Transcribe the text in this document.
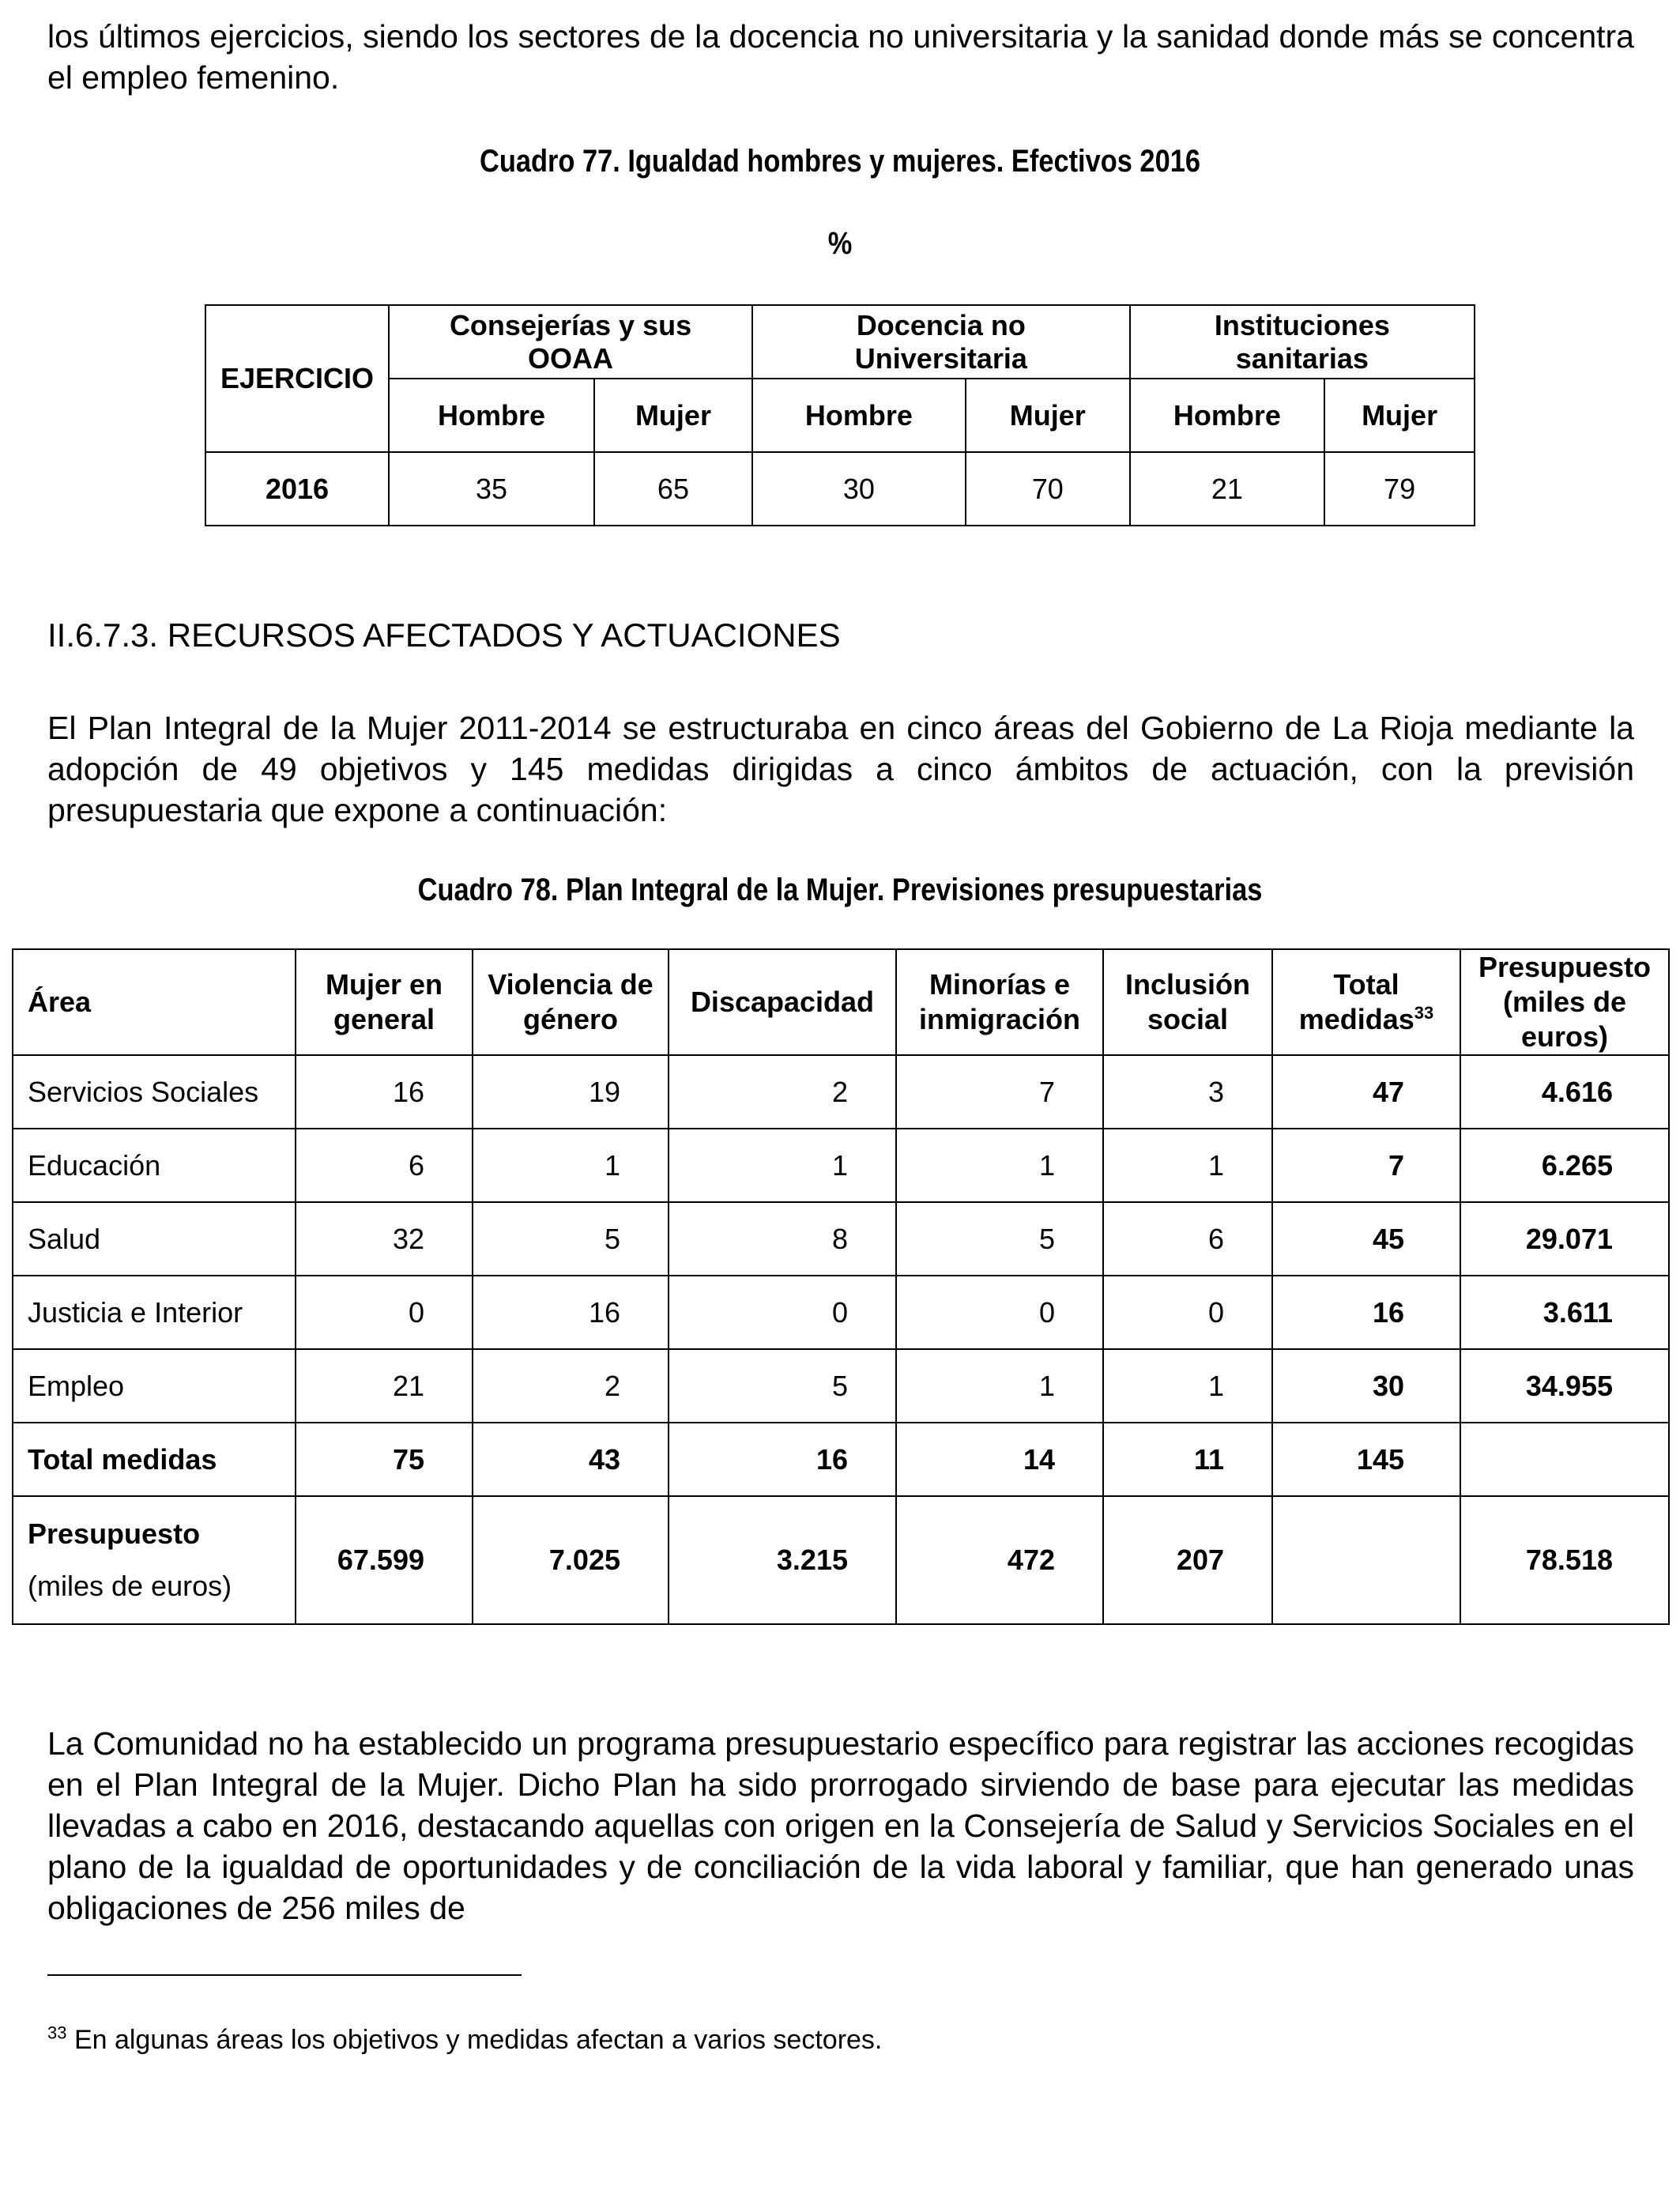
los últimos ejercicios, siendo los sectores de la docencia no universitaria y la sanidad donde más se concentra el empleo femenino.

Cuadro 77. Igualdad hombres y mujeres. Efectivos 2016

%

EJERCICIO	Consejerías y sus OOAA		Docencia no Universitaria		Instituciones sanitarias	
	Hombre	Mujer	Hombre	Mujer	Hombre	Mujer
2016	35	65	30	70	21	79

II.6.7.3. RECURSOS AFECTADOS Y ACTUACIONES

El Plan Integral de la Mujer 2011-2014 se estructuraba en cinco áreas del Gobierno de La Rioja mediante la adopción de 49 objetivos y 145 medidas dirigidas a cinco ámbitos de actuación, con la previsión presupuestaria que expone a continuación:

Cuadro 78. Plan Integral de la Mujer. Previsiones presupuestarias

Área	Mujer en general	Violencia de género	Discapacidad	Minorías e inmigración	Inclusión social	Total medidas$^{33}$	Presupuesto (miles de euros)
Servicios Sociales	16	19	2	7	3	47	4.616
Educación	6	1	1	1	1	7	6.265
Salud	32	5	8	5	6	45	29.071
Justicia e Interior	0	16	0	0	0	16	3.611
Empleo	21	2	5	1	1	30	34.955
Total medidas	75	43	16	14	11	145	
Presupuesto
(miles de euros)	67.599	7.025	3.215	472	207		78.518

La Comunidad no ha establecido un programa presupuestario específico para registrar las acciones recogidas en el Plan Integral de la Mujer. Dicho Plan ha sido prorrogado sirviendo de base para ejecutar las medidas llevadas a cabo en 2016, destacando aquellas con origen en la Consejería de Salud y Servicios Sociales en el plano de la igualdad de oportunidades y de conciliación de la vida laboral y familiar, que han generado unas obligaciones de 256 miles de

$^{33}$ En algunas áreas los objetivos y medidas afectan a varios sectores.
